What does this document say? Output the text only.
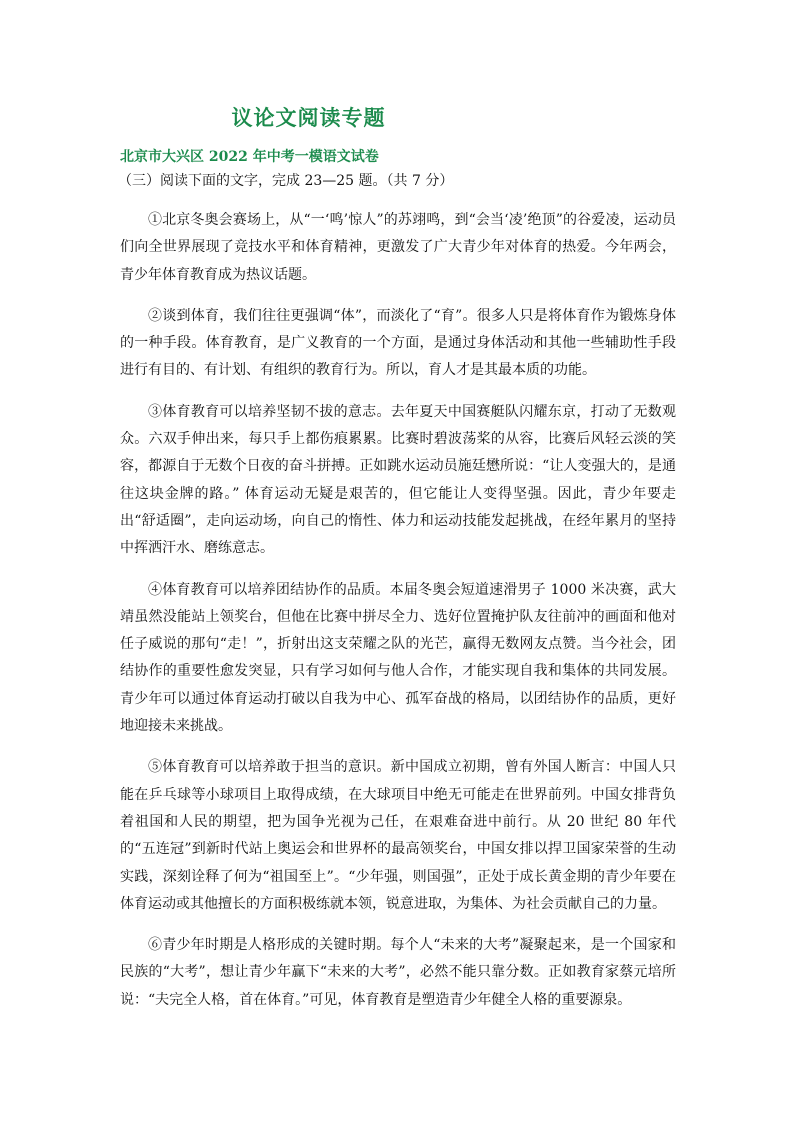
议论文阅读专题
北京市大兴区 2022 年中考一模语文试卷
（三）阅读下面的文字，完成 23—25 题。（共 7 分）

①北京冬奥会赛场上，从“一‘鸣’惊人”的苏翊鸣，到“会当‘凌’绝顶”的谷爱凌，运动员们向全世界展现了竞技水平和体育精神，更激发了广大青少年对体育的热爱。今年两会，青少年体育教育成为热议话题。

②谈到体育，我们往往更强调“体”，而淡化了“育”。很多人只是将体育作为锻炼身体的一种手段。体育教育，是广义教育的一个方面，是通过身体活动和其他一些辅助性手段进行有目的、有计划、有组织的教育行为。所以，育人才是其最本质的功能。

③体育教育可以培养坚韧不拔的意志。去年夏天中国赛艇队闪耀东京，打动了无数观众。六双手伸出来，每只手上都伤痕累累。比赛时碧波荡桨的从容，比赛后风轻云淡的笑容，都源自于无数个日夜的奋斗拼搏。正如跳水运动员施廷懋所说：“让人变强大的，是通往这块金牌的路。” 体育运动无疑是艰苦的，但它能让人变得坚强。因此，青少年要走出“舒适圈”，走向运动场，向自己的惰性、体力和运动技能发起挑战，在经年累月的坚持中挥洒汗水、磨练意志。

④体育教育可以培养团结协作的品质。本届冬奥会短道速滑男子 1000 米决赛，武大靖虽然没能站上领奖台，但他在比赛中拼尽全力、选好位置掩护队友往前冲的画面和他对任子威说的那句“走！”，折射出这支荣耀之队的光芒，赢得无数网友点赞。当今社会，团结协作的重要性愈发突显，只有学习如何与他人合作，才能实现自我和集体的共同发展。青少年可以通过体育运动打破以自我为中心、孤军奋战的格局，以团结协作的品质，更好地迎接未来挑战。

⑤体育教育可以培养敢于担当的意识。新中国成立初期，曾有外国人断言：中国人只能在乒乓球等小球项目上取得成绩，在大球项目中绝无可能走在世界前列。中国女排背负着祖国和人民的期望，把为国争光视为己任，在艰难奋进中前行。从 20 世纪 80 年代的“五连冠”到新时代站上奥运会和世界杯的最高领奖台，中国女排以捍卫国家荣誉的生动实践，深刻诠释了何为“祖国至上”。“少年强，则国强”，正处于成长黄金期的青少年要在体育运动或其他擅长的方面积极练就本领，锐意进取，为集体、为社会贡献自己的力量。

⑥青少年时期是人格形成的关键时期。每个人“未来的大考”凝聚起来，是一个国家和民族的“大考”，想让青少年赢下“未来的大考”，必然不能只靠分数。正如教育家蔡元培所说：“夫完全人格，首在体育。”可见，体育教育是塑造青少年健全人格的重要源泉。
